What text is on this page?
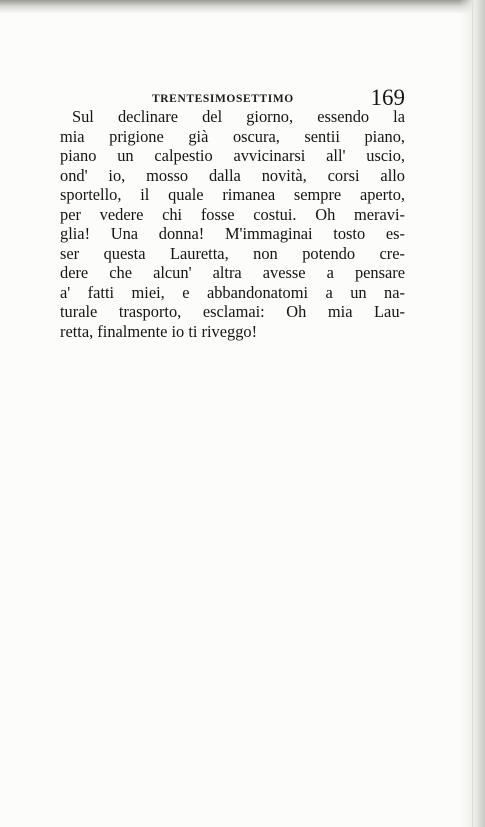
TRENTESIMOSETTIMO	169
Sul declinare del giorno, essendo la
mia prigione già oscura, sentii piano,
piano un calpestio avvicinarsi all' uscio,
ond' io, mosso dalla novità, corsi allo
sportello, il quale rimanea sempre aperto,
per vedere chi fosse costui. Oh meravi-
glia! Una donna! M'immaginai tosto es-
ser questa Lauretta, non potendo cre-
dere che alcun' altra avesse a pensare
a' fatti miei, e abbandonatomi a un na-
turale trasporto, esclamai: Oh mia Lau-
retta, finalmente io ti riveggo!
